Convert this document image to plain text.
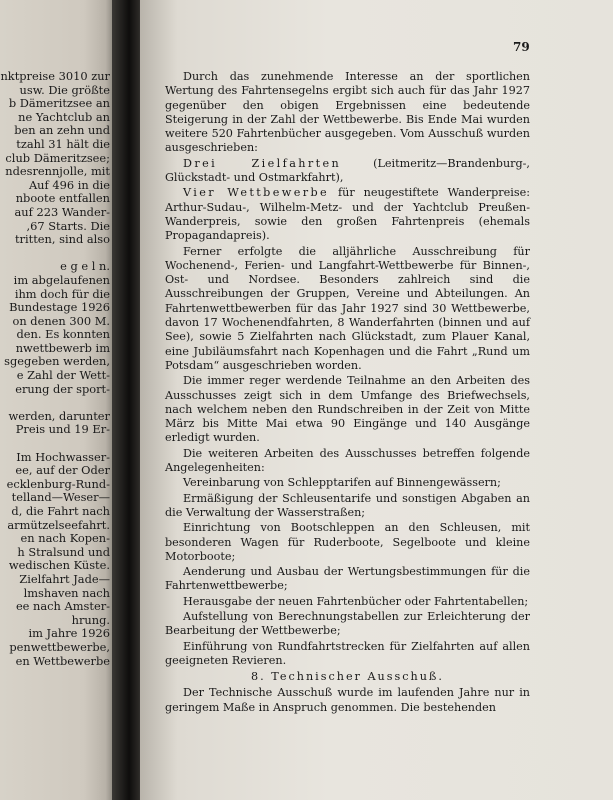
nktpreise 3010 zur
usw. Die größte
b Dämeritzsee an
ne Yachtclub an
ben an zehn und
tzahl 31 hält die
club Dämeritzsee;
ndesrennjolle, mit
Auf 496 in die
nboote entfallen
auf 223 Wander-
,67 Starts. Die
tritten, sind also
e g e l n.
im abgelaufenen
ihm doch für die
Bundestage 1926
on denen 300 M.
den. Es konnten
nwettbewerb im
sgegeben werden,
e Zahl der Wett-
erung der sport-
werden, darunter
Preis und 19 Er-
Im Hochwasser-
ee, auf der Oder
ecklenburg-Rund-
telland—Weser—
d, die Fahrt nach
armützelseefahrt.
en nach Kopen-
h Stralsund und
wedischen Küste.
Zielfahrt Jade—
lmshaven nach
ee nach Amster-
hrung.
im Jahre 1926
penwettbewerbe,
en Wettbewerbe
79

Durch das zunehmende Interesse an der sportlichen Wertung des Fahrtensegelns ergibt sich auch für das Jahr 1927 gegenüber den obigen Ergebnissen eine bedeutende Steigerung in der Zahl der Wettbewerbe. Bis Ende Mai wurden weitere 520 Fahrtenbücher ausgegeben. Vom Ausschuß wurden ausgeschrieben:

Drei Zielfahrten (Leitmeritz—Brandenburg-, Glückstadt- und Ostmarkfahrt),

Vier Wettbewerbe für neugestiftete Wanderpreise: Arthur-Sudau-, Wilhelm-Metz- und der Yachtclub Preußen-Wanderpreis, sowie den großen Fahrtenpreis (ehemals Propagandapreis).

Ferner erfolgte die alljährliche Ausschreibung für Wochenend-, Ferien- und Langfahrt-Wettbewerbe für Binnen-, Ost- und Nordsee. Besonders zahlreich sind die Ausschreibungen der Gruppen, Vereine und Abteilungen. An Fahrtenwettbewerben für das Jahr 1927 sind 30 Wettbewerbe, davon 17 Wochenendfahrten, 8 Wanderfahrten (binnen und auf See), sowie 5 Zielfahrten nach Glückstadt, zum Plauer Kanal, eine Jubiläumsfahrt nach Kopenhagen und die Fahrt „Rund um Potsdam“ ausgeschrieben worden.

Die immer reger werdende Teilnahme an den Arbeiten des Ausschusses zeigt sich in dem Umfange des Briefwechsels, nach welchem neben den Rundschreiben in der Zeit von Mitte März bis Mitte Mai etwa 90 Eingänge und 140 Ausgänge erledigt wurden.

Die weiteren Arbeiten des Ausschusses betreffen folgende Angelegenheiten:

Vereinbarung von Schlepptarifen auf Binnengewässern;

Ermäßigung der Schleusentarife und sonstigen Abgaben an die Verwaltung der Wasserstraßen;

Einrichtung von Bootschleppen an den Schleusen, mit besonderen Wagen für Ruderboote, Segelboote und kleine Motorboote;

Aenderung und Ausbau der Wertungsbestimmungen für die Fahrtenwettbewerbe;

Herausgabe der neuen Fahrtenbücher oder Fahrtentabellen;

Aufstellung von Berechnungstabellen zur Erleichterung der Bearbeitung der Wettbewerbe;

Einführung von Rundfahrtstrecken für Zielfahrten auf allen geeigneten Revieren.

8. Technischer Ausschuß.

Der Technische Ausschuß wurde im laufenden Jahre nur in geringem Maße in Anspruch genommen. Die bestehenden
